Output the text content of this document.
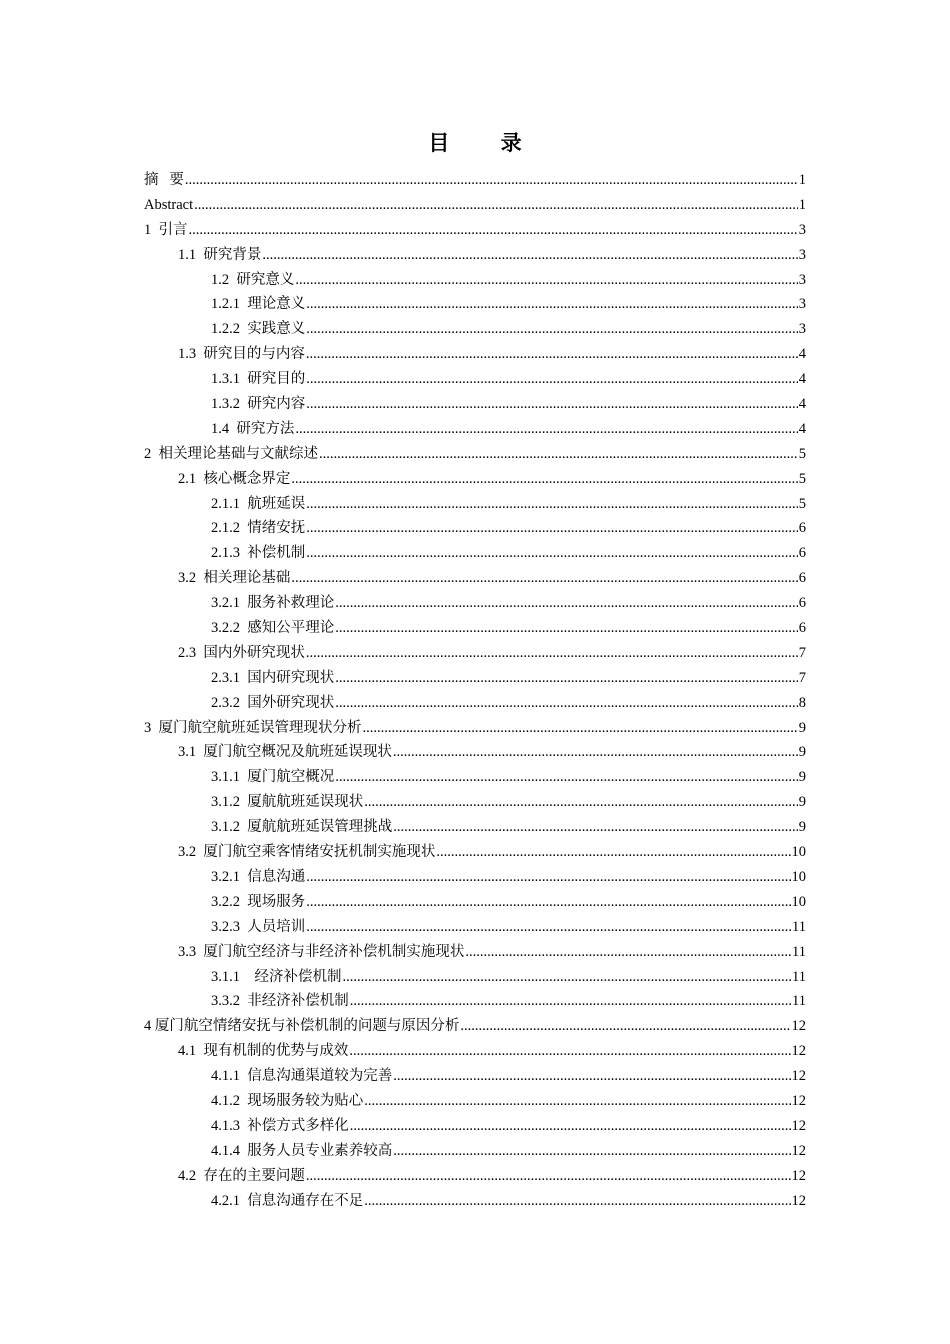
目 录
摘 要 .....	1
Abstract .....	1
1 引言 .....	3
1.1 研究背景 .....	3
1.2 研究意义 .....	3
1.2.1 理论意义 .....	3
1.2.2 实践意义 .....	3
1.3 研究目的与内容 .....	4
1.3.1 研究目的 .....	4
1.3.2 研究内容 .....	4
1.4 研究方法 .....	4
2 相关理论基础与文献综述 .....	5
2.1 核心概念界定 .....	5
2.1.1 航班延误 .....	5
2.1.2 情绪安抚 .....	6
2.1.3 补偿机制 .....	6
3.2 相关理论基础 .....	6
3.2.1 服务补救理论 .....	6
3.2.2 感知公平理论 .....	6
2.3 国内外研究现状 .....	7
2.3.1 国内研究现状 .....	7
2.3.2 国外研究现状 .....	8
3 厦门航空航班延误管理现状分析 .....	9
3.1 厦门航空概况及航班延误现状 .....	9
3.1.1 厦门航空概况 .....	9
3.1.2 厦航航班延误现状 .....	9
3.1.2 厦航航班延误管理挑战 .....	9
3.2 厦门航空乘客情绪安抚机制实施现状 .....	10
3.2.1 信息沟通 .....	10
3.2.2 现场服务 .....	10
3.2.3 人员培训 .....	11
3.3 厦门航空经济与非经济补偿机制实施现状 .....	11
3.1.1 经济补偿机制 .....	11
3.3.2 非经济补偿机制 .....	11
4 厦门航空情绪安抚与补偿机制的问题与原因分析 .....	12
4.1 现有机制的优势与成效 .....	12
4.1.1 信息沟通渠道较为完善 .....	12
4.1.2 现场服务较为贴心 .....	12
4.1.3 补偿方式多样化 .....	12
4.1.4 服务人员专业素养较高 .....	12
4.2 存在的主要问题 .....	12
4.2.1 信息沟通存在不足 .....	12
